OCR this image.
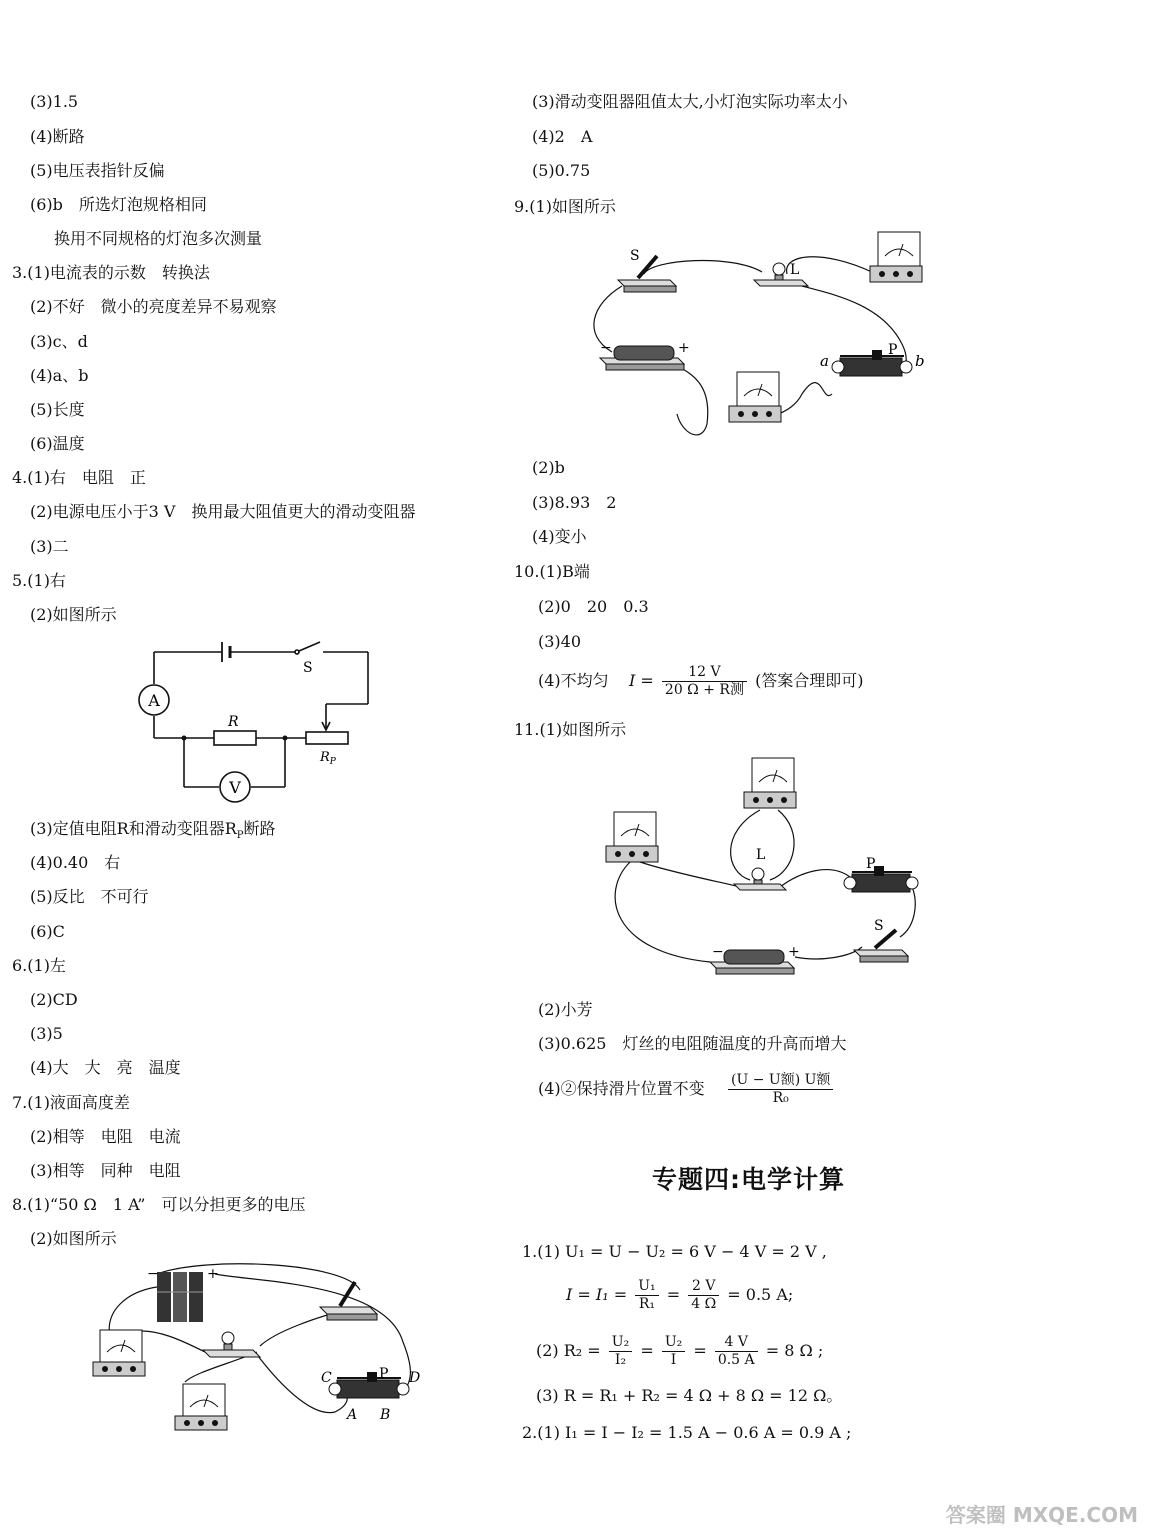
(3)1.5
(4)断路
(5)电压表指针反偏
(6)b　所选灯泡规格相同
换用不同规格的灯泡多次测量
3.(1)电流表的示数　转换法
(2)不好　微小的亮度差异不易观察
(3)c、d
(4)a、b
(5)长度
(6)温度
4.(1)右　电阻　正
(2)电源电压小于3 V　换用最大阻值更大的滑动变阻器
(3)二
5.(1)右
(2)如图所示
A
V
S
R
$R_P$
(3)定值电阻R和滑动变阻器$R_P$断路
(4)0.40　右
(5)反比　不可行
(6)C
6.(1)左
(2)CD
(3)5
(4)大　大　亮　温度
7.(1)液面高度差
(2)相等　电阻　电流
(3)相等　同种　电阻
8.(1)“50 Ω　1 A”　可以分担更多的电压
(2)如图所示
−	+
C	P D
A B
(3)滑动变阻器阻值太大,小灯泡实际功率太小
(4)2　A
(5)0.75
9.(1)如图所示
S
L
−	+
a
P
b
(2)b
(3)8.93　2
(4)变小
10.(1)B端
(2)0　20　0.3
(3)40
(4)不均匀 $I = \frac{12 V}{\text{20 Ω + R测}}$ (答案合理即可)
11.(1)如图所示
L
P
S
−	+
(2)小芳
(3)0.625　灯丝的电阻随温度的升高而增大
(4)②保持滑片位置不变 $\frac{\text{(U − U额) U额}}{\text{R₀}}$
专题四:电学计算
1.(1) U₁ = U − U₂ = 6 V − 4 V = 2 V ,
$I = I_1 = \frac{\text{U₁}}{\text{R₁}} = \frac{2 V}{4 \Omega} = 0.5$ A;
(2) $R_2 = \frac{\text{U₂}}{\text{I₂}} = \frac{\text{U₂}}{I} = \frac{4 V}{0.5 A} = 8$ Ω ;
(3) R = R₁ + R₂ = 4 Ω + 8 Ω = 12 Ω。
2.(1) I₁ = I − I₂ = 1.5 A − 0.6 A = 0.9 A ;
答案圈 MXQE.COM
